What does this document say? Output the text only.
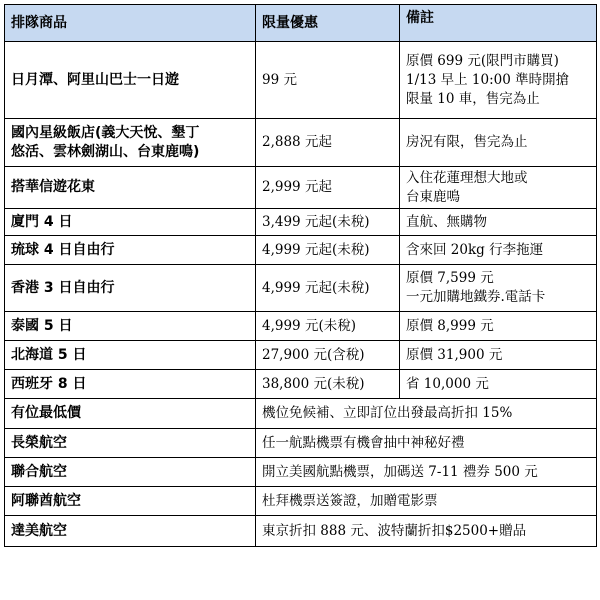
排隊商品	限量優惠	備註
日月潭、阿里山巴士一日遊	99 元	原價 699 元(限門市購買)
1/13 早上 10:00 準時開搶
限量 10 車，售完為止

國內星級飯店(義大天悅、墾丁
悠活、雲林劍湖山、台東鹿鳴)	2,888 元起	房況有限，售完為止

搭華信遊花東	2,999 元起	入住花蓮理想大地或
台東鹿鳴

廈門 4 日	3,499 元起(未稅)	直航、無購物

琉球 4 日自由行	4,999 元起(未稅)	含來回 20kg 行李拖運

香港 3 日自由行	4,999 元起(未稅)	原價 7,599 元
一元加購地鐵券.電話卡

泰國 5 日	4,999 元(未稅)	原價 8,999 元

北海道 5 日	27,900 元(含稅)	原價 31,900 元

西班牙 8 日	38,800 元(未稅)	省 10,000 元

有位最低價	機位免候補、立即訂位出發最高折扣 15%	
長榮航空	任一航點機票有機會抽中神秘好禮	
聯合航空	開立美國航點機票，加碼送 7-11 禮券 500 元	
阿聯酋航空	杜拜機票送簽證，加贈電影票	
達美航空	東京折扣 888 元、波特蘭折扣$2500+贈品	
